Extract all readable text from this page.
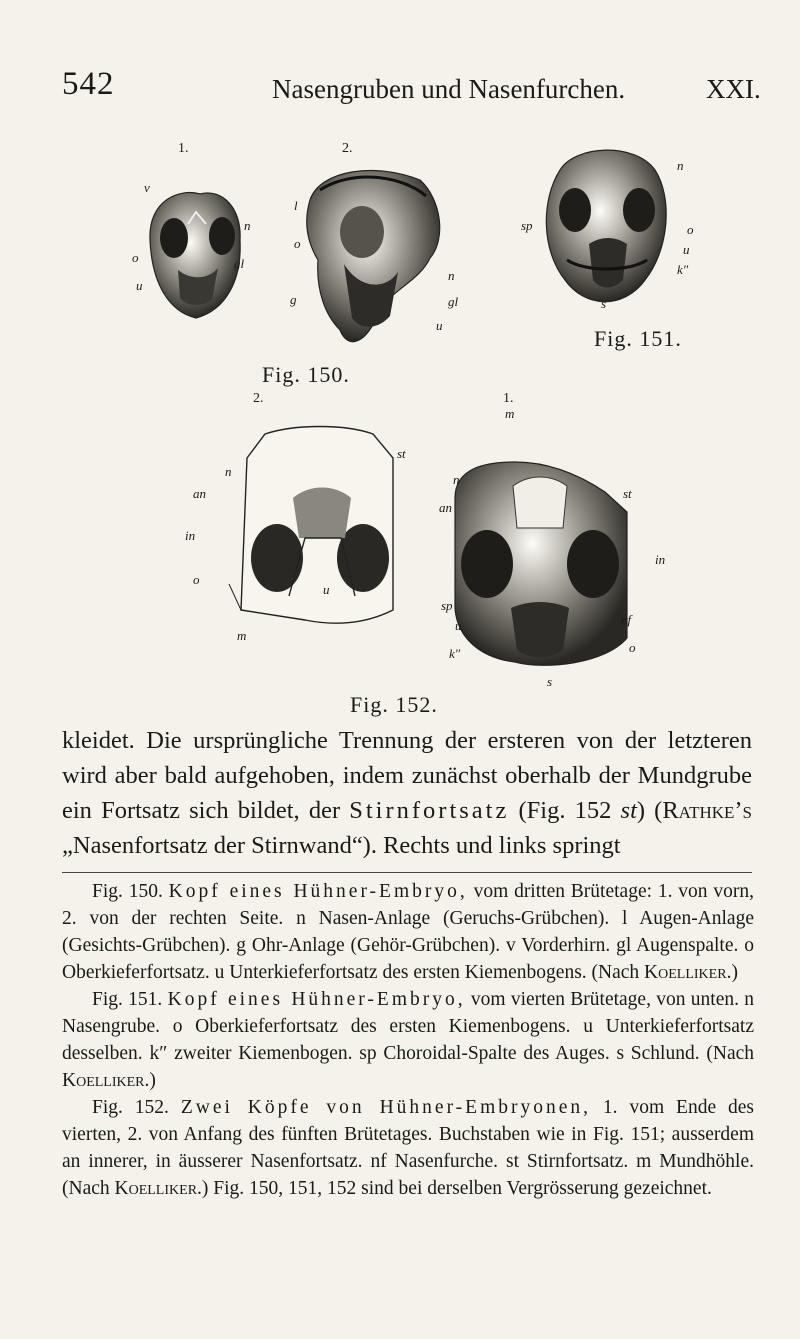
542	Nasengruben und Nasenfurchen.	XXI.
1.	2.
v
n
o
u
gl
l
o
g
n
gl
u
Fig. 150.
n
sp	o
u
k″
s
Fig. 151.
2.	1.
n
st
an
in
o
u
m
m
n
st
an
in
sp
nf
u
k″	o
s
Fig. 152.

kleidet. Die ursprüngliche Trennung der ersteren von der letzteren wird aber bald aufgehoben, indem zunächst oberhalb der Mundgrube ein Fortsatz sich bildet, der Stirnfortsatz (Fig. 152 st) (Rathke’s „Nasenfortsatz der Stirnwand“). Rechts und links springt

Fig. 150. Kopf eines Hühner-Embryo, vom dritten Brütetage: 1. von vorn, 2. von der rechten Seite. n Nasen-Anlage (Geruchs-Grübchen). l Augen-Anlage (Gesichts-Grübchen). g Ohr-Anlage (Gehör-Grübchen). v Vorderhirn. gl Augenspalte. o Oberkieferfortsatz. u Unterkieferfortsatz des ersten Kiemenbogens. (Nach Koelliker.)

Fig. 151. Kopf eines Hühner-Embryo, vom vierten Brütetage, von unten. n Nasengrube. o Oberkieferfortsatz des ersten Kiemenbogens. u Unterkieferfortsatz desselben. k″ zweiter Kiemenbogen. sp Choroidal-Spalte des Auges. s Schlund. (Nach Koelliker.)

Fig. 152. Zwei Köpfe von Hühner-Embryonen, 1. vom Ende des vierten, 2. von Anfang des fünften Brütetages. Buchstaben wie in Fig. 151; ausserdem an innerer, in äusserer Nasenfortsatz. nf Nasenfurche. st Stirnfortsatz. m Mundhöhle. (Nach Koelliker.) Fig. 150, 151, 152 sind bei derselben Vergrösserung gezeichnet.
